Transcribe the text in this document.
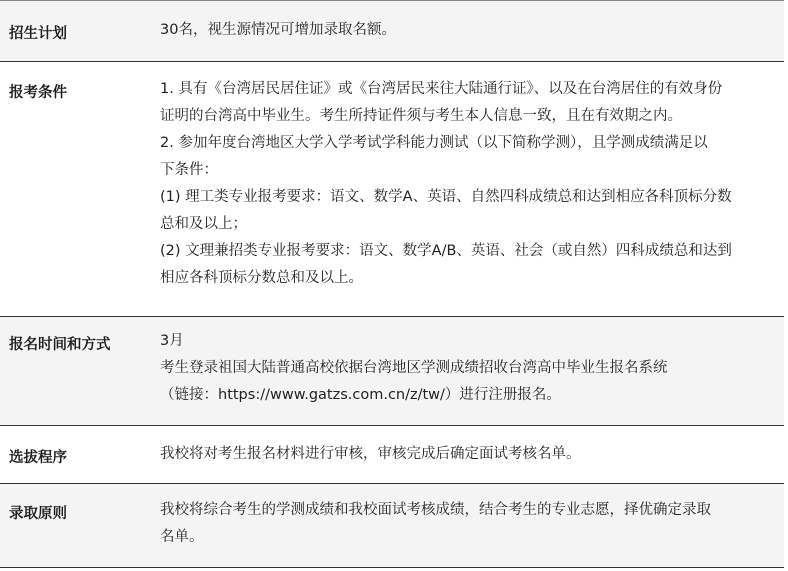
招生计划	30名，视生源情况可增加录取名额。
报考条件	1. 具有《台湾居民居住证》或《台湾居民来往大陆通行证》、以及在台湾居住的有效身份
证明的台湾高中毕业生。考生所持证件须与考生本人信息一致，且在有效期之内。
2. 参加年度台湾地区大学入学考试学科能力测试（以下简称学测），且学测成绩满足以
下条件：
(1) 理工类专业报考要求：语文、数学A、英语、自然四科成绩总和达到相应各科顶标分数
总和及以上；
(2) 文理兼招类专业报考要求：语文、数学A/B、英语、社会（或自然）四科成绩总和达到
相应各科顶标分数总和及以上。
报名时间和方式	3月
考生登录祖国大陆普通高校依据台湾地区学测成绩招收台湾高中毕业生报名系统
（链接：https://www.gatzs.com.cn/z/tw/）进行注册报名。
选拔程序	我校将对考生报名材料进行审核，审核完成后确定面试考核名单。
录取原则	我校将综合考生的学测成绩和我校面试考核成绩，结合考生的专业志愿，择优确定录取
名单。
